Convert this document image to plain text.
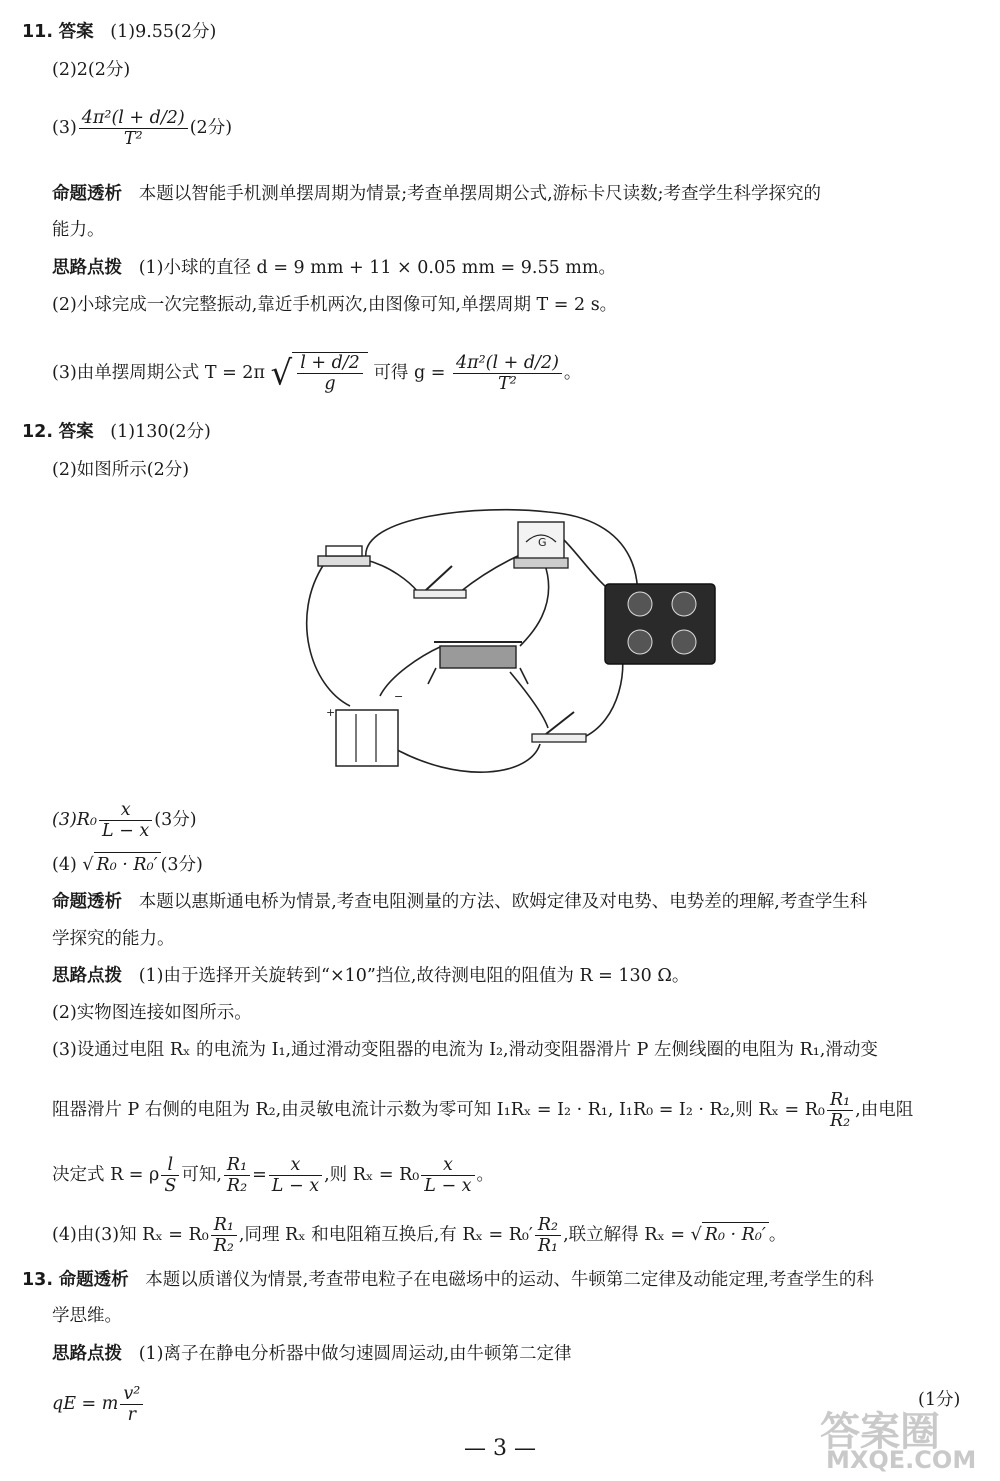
11. 答案 (1)9.55(2分)
(2)2(2分)
$(3) \frac{\text{4π²(l + d/2)}}{\text{T²}} (2$分)
命题透析 本题以智能手机测单摆周期为情景;考查单摆周期公式,游标卡尺读数;考查学生科学探究的
能力。
思路点拨 (1)小球的直径 d = 9 mm + 11 × 0.05 mm = 9.55 mm。
(2)小球完成一次完整振动,靠近手机两次,由图像可知,单摆周期 T = 2 s。
(3)由单摆周期公式 T = 2π √ $\frac{l + d/2}{g}$ 可得 $g = \frac{\text{4π²(l + d/2)}}{\text{T²}}$ 。
12. 答案 (1)130(2分)
(2)如图所示(2分)
G
+
−
$(3)R_0 \frac{x}{L - x} (3$分)
(4) √ R₀ · R₀′ (3分)
命题透析 本题以惠斯通电桥为情景,考查电阻测量的方法、欧姆定律及对电势、电势差的理解,考查学生科
学探究的能力。
思路点拨 (1)由于选择开关旋转到“×10”挡位,故待测电阻的阻值为 R = 130 Ω。
(2)实物图连接如图所示。
(3)设通过电阻 Rₓ 的电流为 I₁,通过滑动变阻器的电流为 I₂,滑动变阻器滑片 P 左侧线圈的电阻为 R₁,滑动变
阻器滑片 P 右侧的电阻为 R₂,由灵敏电流计示数为零可知 I₁Rₓ = I₂ · R₁, I₁R₀ = I₂ · R₂,则 $R_x = R_0 \frac{\text{R₁}}{\text{R₂}}$ ,由电阻
决定式 R = ρ $\frac{l}{S}$ 可知, $\frac{\text{R₁}}{\text{R₂}} = \frac{x}{L - x}$ ,则 $R_x = R_0 \frac{x}{L - x}$ 。
(4)由(3)知 $R_x = R_0 \frac{\text{R₁}}{\text{R₂}}$ ,同理 Rₓ 和电阻箱互换后,有 $R_x = R_0' \frac{\text{R₂}}{\text{R₁}}$ ,联立解得 Rₓ = √ R₀ · R₀′ 。
13. 命题透析 本题以质谱仪为情景,考查带电粒子在电磁场中的运动、牛顿第二定律及动能定理,考查学生的科
学思维。
思路点拨 (1)离子在静电分析器中做匀速圆周运动,由牛顿第二定律
qE = m $\frac{\text{v²}}{r}$	(1分)
— 3 —	答案圈
MXQE.COM
